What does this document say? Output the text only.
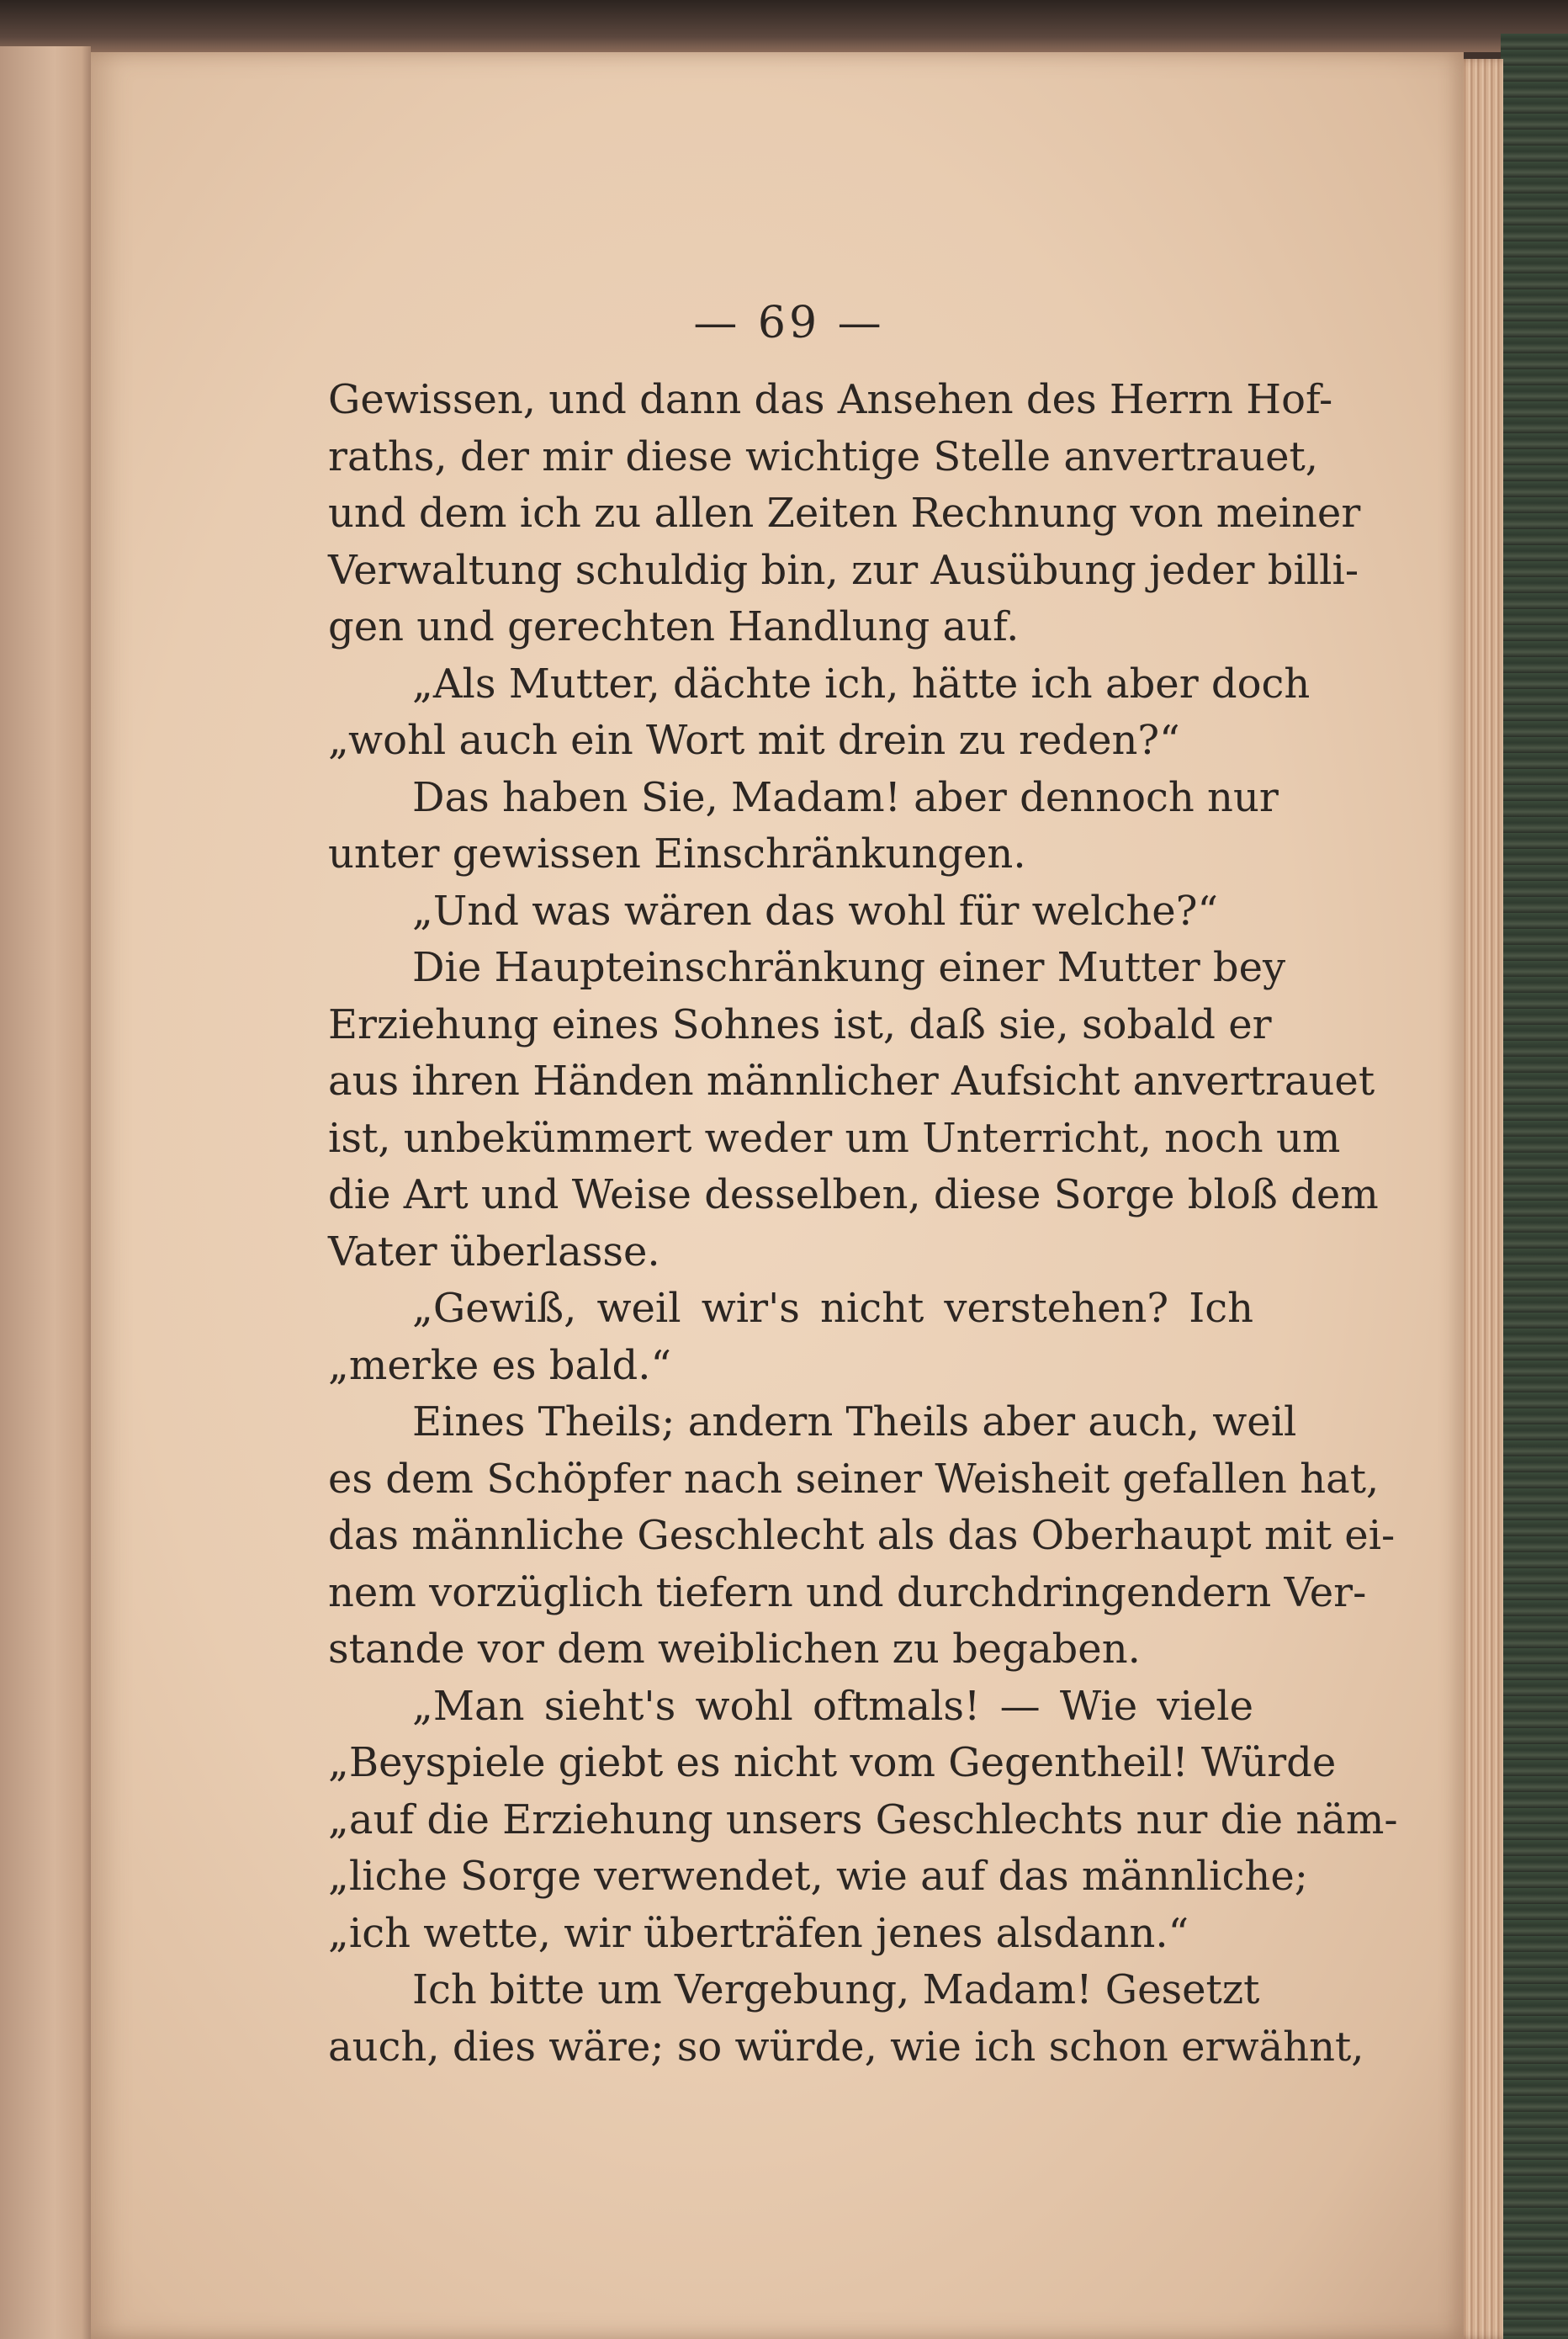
— 69 —
Gewissen, und dann das Ansehen des Herrn Hof-
raths, der mir diese wichtige Stelle anvertrauet,
und dem ich zu allen Zeiten Rechnung von meiner
Verwaltung schuldig bin, zur Ausübung jeder billi-
gen und gerechten Handlung auf.
„Als Mutter, dächte ich, hätte ich aber doch
„wohl auch ein Wort mit drein zu reden?“
Das haben Sie, Madam! aber dennoch nur
unter gewissen Einschränkungen.
„Und was wären das wohl für welche?“
Die Haupteinschränkung einer Mutter bey
Erziehung eines Sohnes ist, daß sie, sobald er
aus ihren Händen männlicher Aufsicht anvertrauet
ist, unbekümmert weder um Unterricht, noch um
die Art und Weise desselben, diese Sorge bloß dem
Vater überlasse.
„Gewiß, weil wir's nicht verstehen? Ich
„merke es bald.“
Eines Theils; andern Theils aber auch, weil
es dem Schöpfer nach seiner Weisheit gefallen hat,
das männliche Geschlecht als das Oberhaupt mit ei-
nem vorzüglich tiefern und durchdringendern Ver-
stande vor dem weiblichen zu begaben.
„Man sieht's wohl oftmals! — Wie viele
„Beyspiele giebt es nicht vom Gegentheil! Würde
„auf die Erziehung unsers Geschlechts nur die näm-
„liche Sorge verwendet, wie auf das männliche;
„ich wette, wir überträfen jenes alsdann.“
Ich bitte um Vergebung, Madam! Gesetzt
auch, dies wäre; so würde, wie ich schon erwähnt,
